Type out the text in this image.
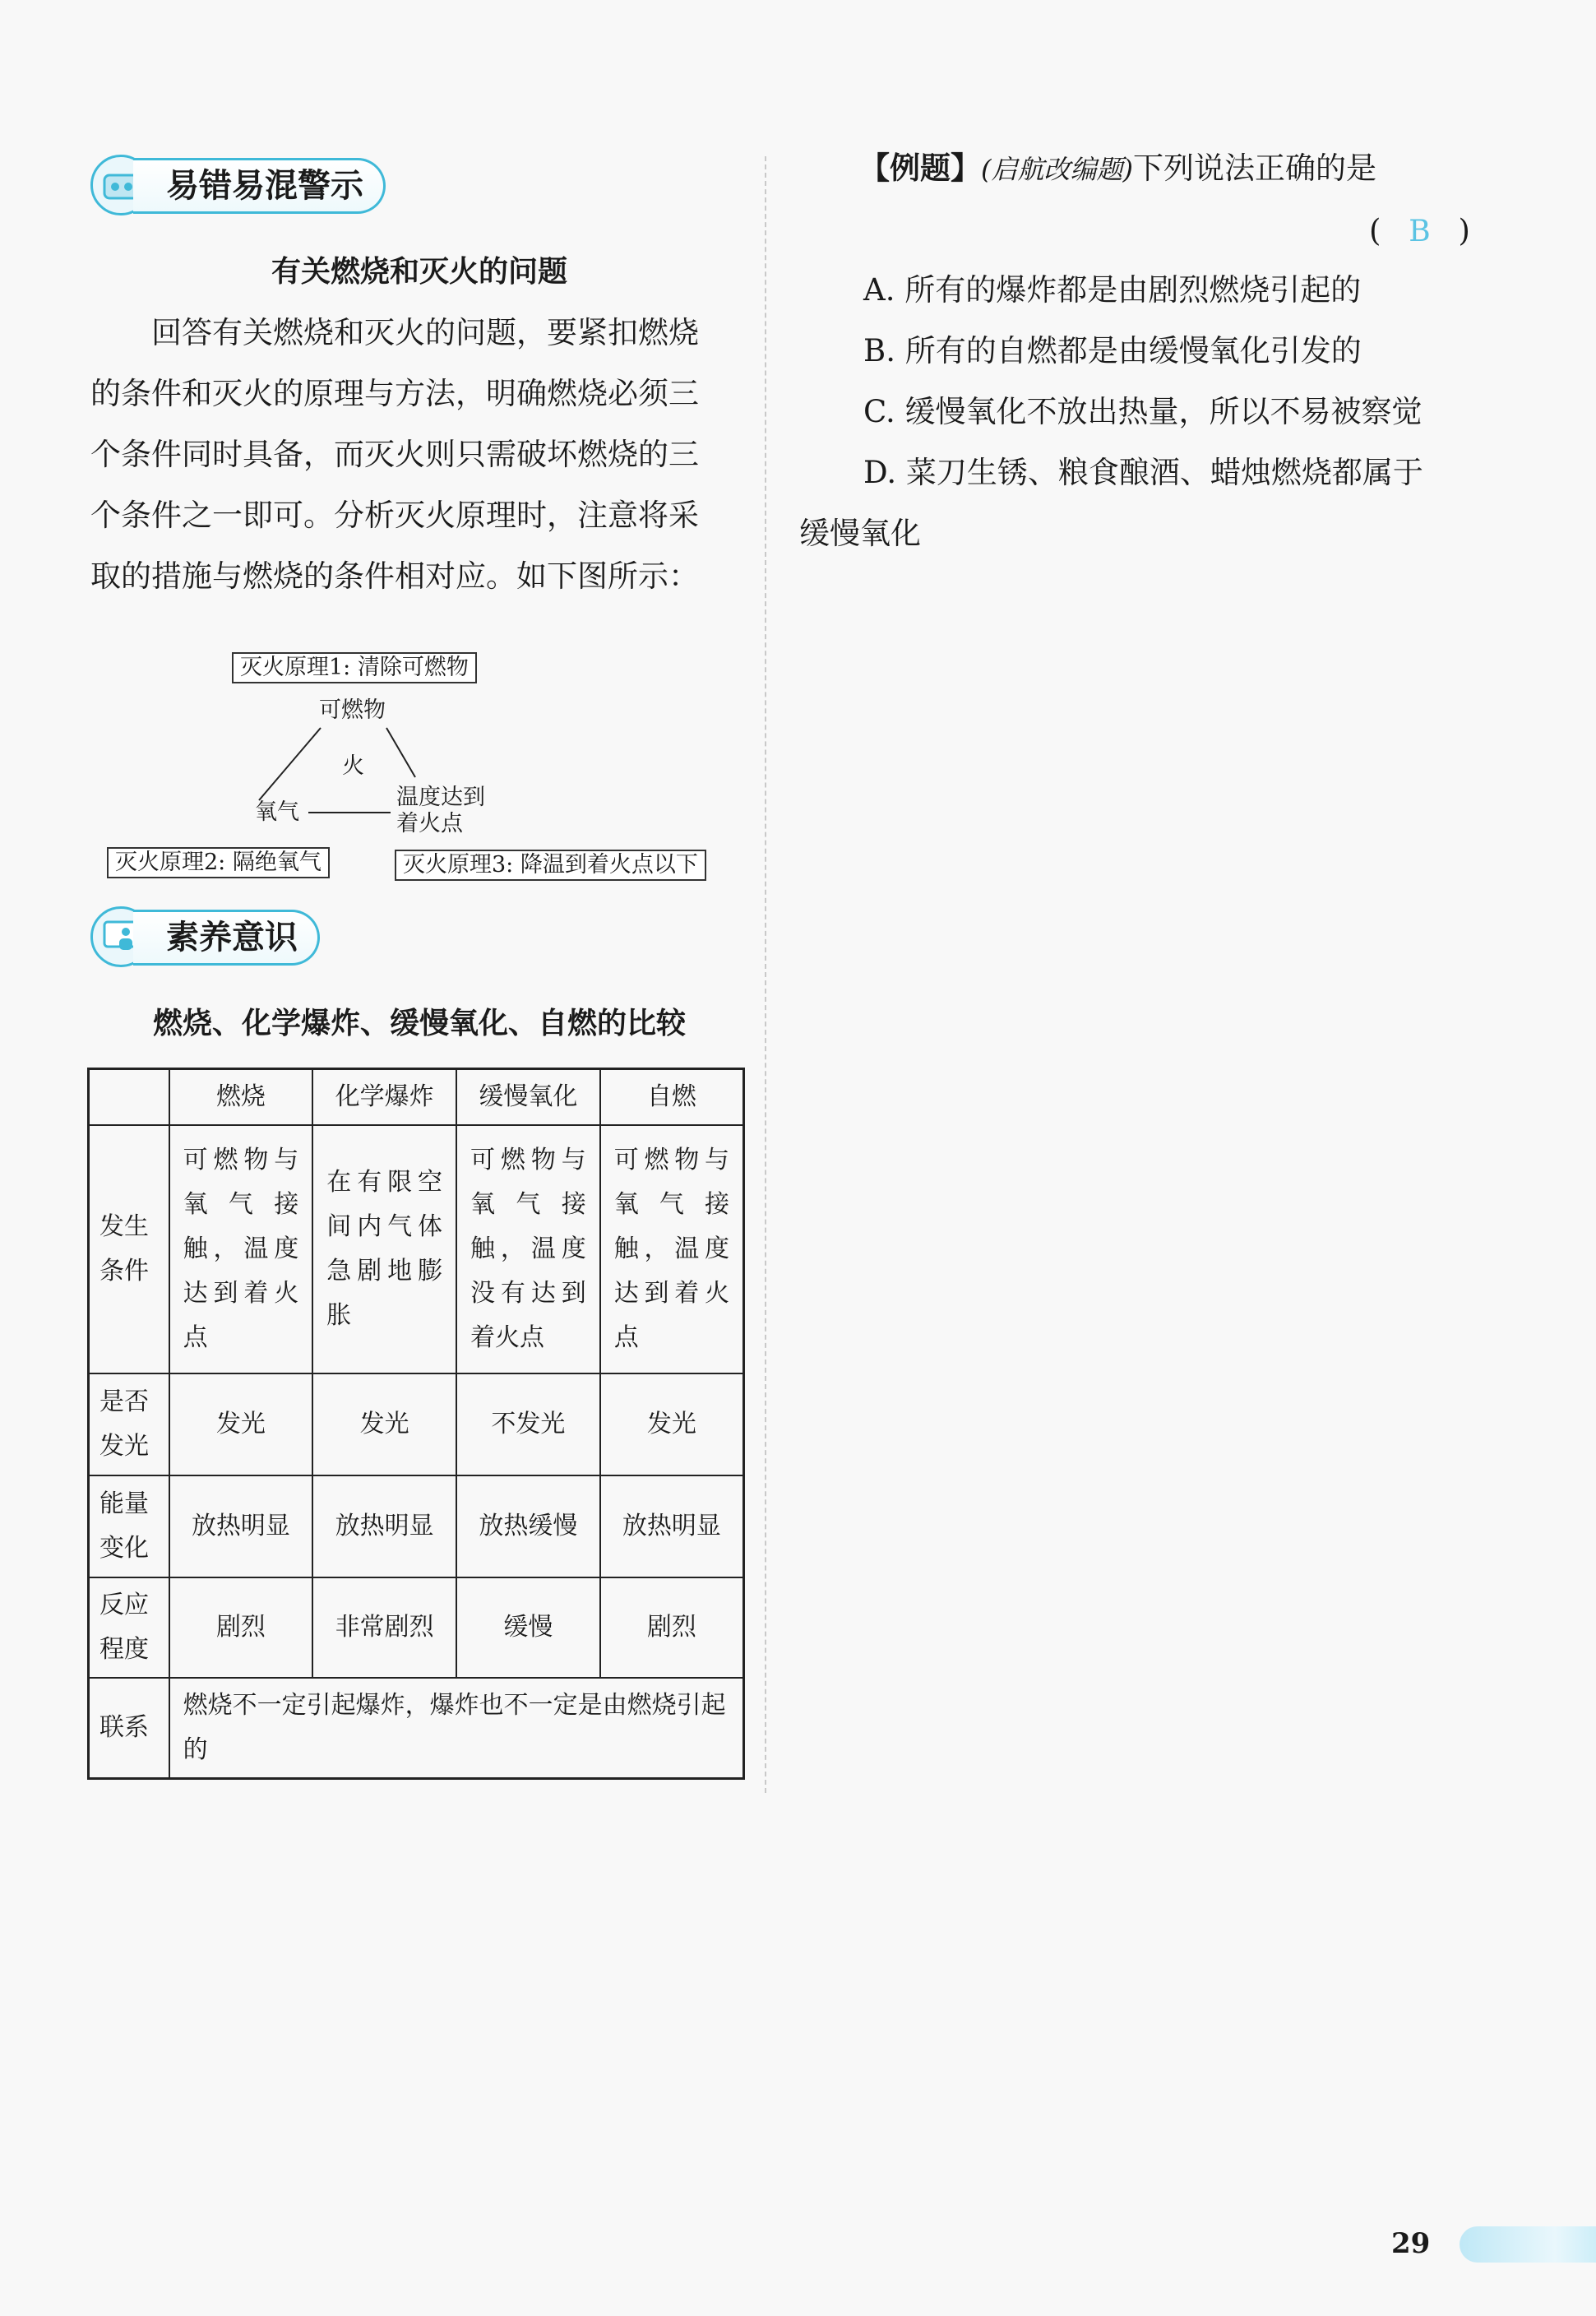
易错易混警示
有关燃烧和灭火的问题
回答有关燃烧和灭火的问题，要紧扣燃烧
的条件和灭火的原理与方法，明确燃烧必须三
个条件同时具备，而灭火则只需破坏燃烧的三
个条件之一即可。分析灭火原理时，注意将采
取的措施与燃烧的条件相对应。如下图所示：
灭火原理1: 清除可燃物
可燃物
火
氧气
温度达到
着火点
灭火原理2: 隔绝氧气	灭火原理3: 降温到着火点以下
素养意识
燃烧、化学爆炸、缓慢氧化、自燃的比较
	燃烧	化学爆炸	缓慢氧化	自燃
发生条件	可燃物与氧气接触，温度达到着火点	在有限空间内气体急剧地膨胀	可燃物与氧气接触，温度没有达到着火点	可燃物与氧气接触，温度达到着火点
是否发光	发光	发光	不发光	发光
能量变化	放热明显	放热明显	放热缓慢	放热明显
反应程度	剧烈	非常剧烈	缓慢	剧烈
联系	燃烧不一定引起爆炸，爆炸也不一定是由燃烧引起的			
【例题】(启航改编题)下列说法正确的是
( B )
A. 所有的爆炸都是由剧烈燃烧引起的
B. 所有的自燃都是由缓慢氧化引发的
C. 缓慢氧化不放出热量，所以不易被察觉
D. 菜刀生锈、粮食酿酒、蜡烛燃烧都属于
缓慢氧化
29
